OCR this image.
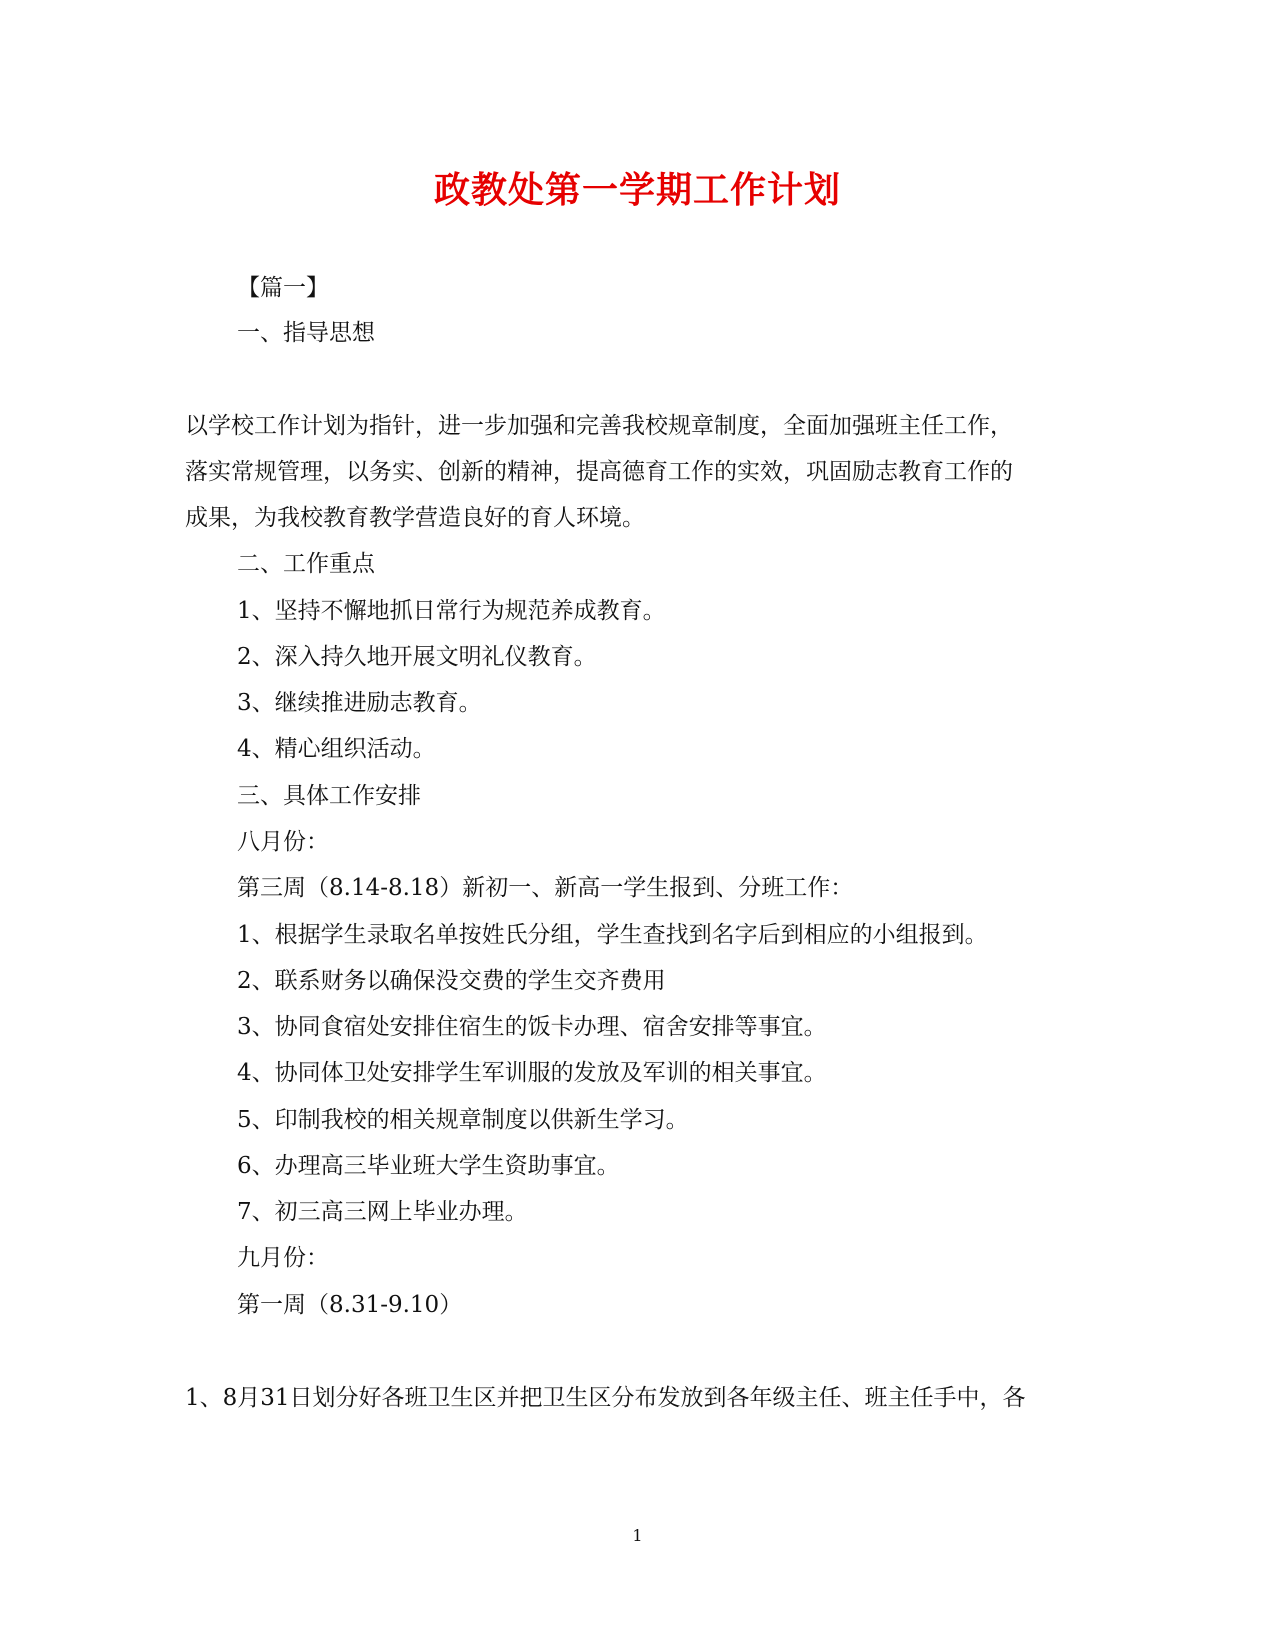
政教处第一学期工作计划
【篇一】
一、指导思想
以学校工作计划为指针，进一步加强和完善我校规章制度，全面加强班主任工作，
落实常规管理，以务实、创新的精神，提高德育工作的实效，巩固励志教育工作的
成果，为我校教育教学营造良好的育人环境。
二、工作重点
1、坚持不懈地抓日常行为规范养成教育。
2、深入持久地开展文明礼仪教育。
3、继续推进励志教育。
4、精心组织活动。
三、具体工作安排
八月份：
第三周（8.14-8.18）新初一、新高一学生报到、分班工作：
1、根据学生录取名单按姓氏分组，学生查找到名字后到相应的小组报到。
2、联系财务以确保没交费的学生交齐费用
3、协同食宿处安排住宿生的饭卡办理、宿舍安排等事宜。
4、协同体卫处安排学生军训服的发放及军训的相关事宜。
5、印制我校的相关规章制度以供新生学习。
6、办理高三毕业班大学生资助事宜。
7、初三高三网上毕业办理。
九月份：
第一周（8.31-9.10）
1、8月31日划分好各班卫生区并把卫生区分布发放到各年级主任、班主任手中，各
1
